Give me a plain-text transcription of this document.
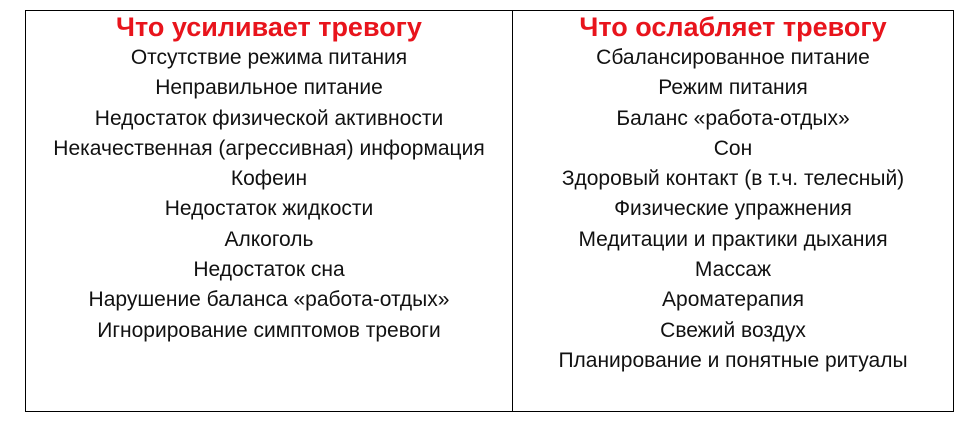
Что усиливает тревогу
Отсутствие режима питания
Неправильное питание
Недостаток физической активности
Некачественная (агрессивная) информация
Кофеин
Недостаток жидкости
Алкоголь
Недостаток сна
Нарушение баланса «работа-отдых»
Игнорирование симптомов тревоги
Что ослабляет тревогу
Сбалансированное питание
Режим питания
Баланс «работа-отдых»
Сон
Здоровый контакт (в т.ч. телесный)
Физические упражнения
Медитации и практики дыхания
Массаж
Ароматерапия
Свежий воздух
Планирование и понятные ритуалы
